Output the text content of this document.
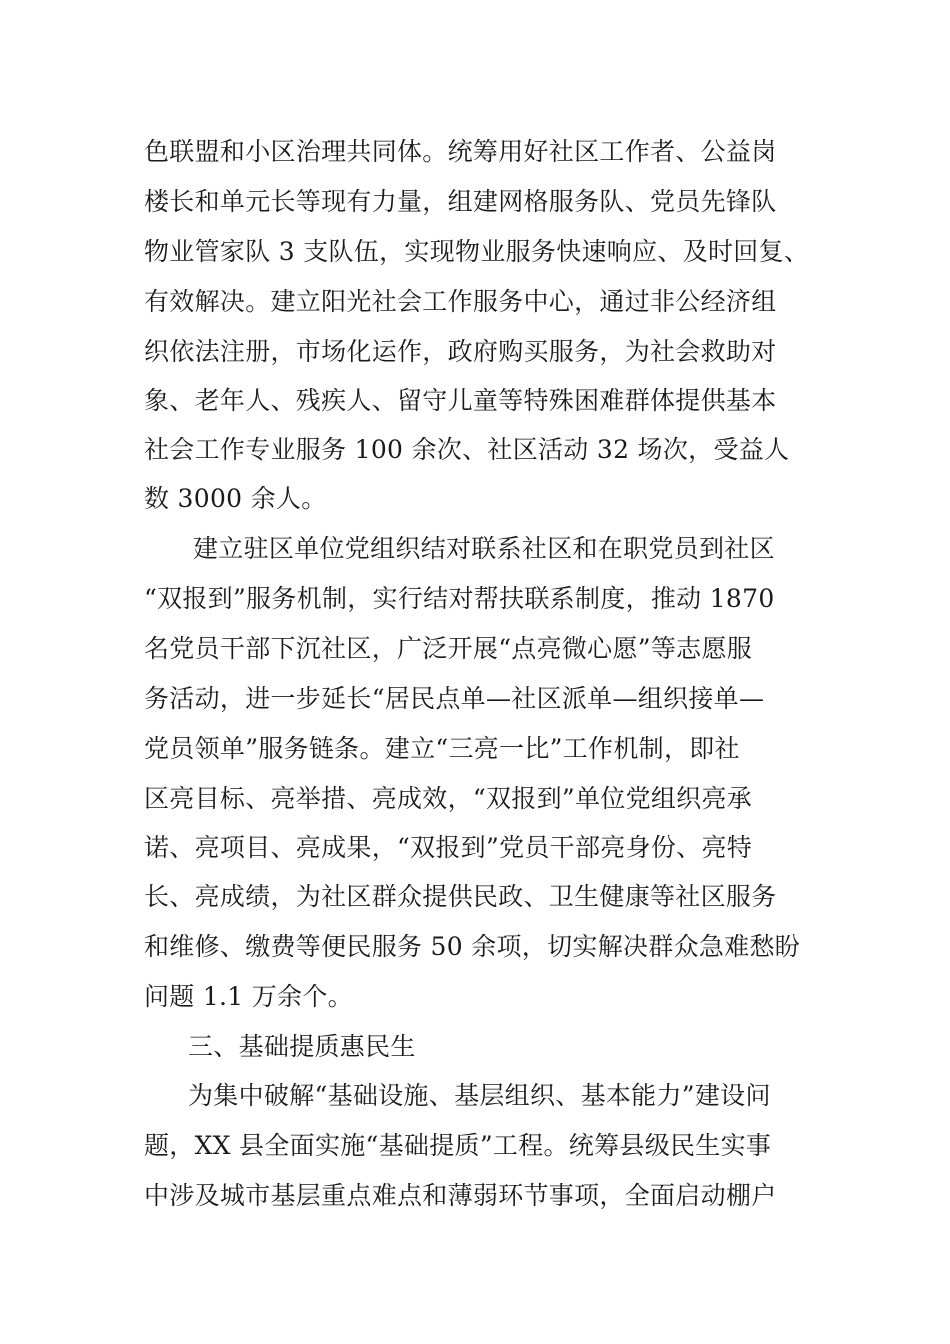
色联盟和小区治理共同体。统筹用好社区工作者、公益岗
楼长和单元长等现有力量，组建网格服务队、党员先锋队
物业管家队 3 支队伍，实现物业服务快速响应、及时回复、
有效解决。建立阳光社会工作服务中心，通过非公经济组
织依法注册，市场化运作，政府购买服务，为社会救助对
象、老年人、残疾人、留守儿童等特殊困难群体提供基本
社会工作专业服务 100 余次、社区活动 32 场次，受益人
数 3000 余人。
建立驻区单位党组织结对联系社区和在职党员到社区
“双报到”服务机制，实行结对帮扶联系制度，推动 1870
名党员干部下沉社区，广泛开展“点亮微心愿”等志愿服
务活动，进一步延长“居民点单—社区派单—组织接单—
党员领单”服务链条。建立“三亮一比”工作机制，即社
区亮目标、亮举措、亮成效，“双报到”单位党组织亮承
诺、亮项目、亮成果，“双报到”党员干部亮身份、亮特
长、亮成绩，为社区群众提供民政、卫生健康等社区服务
和维修、缴费等便民服务 50 余项，切实解决群众急难愁盼
问题 1.1 万余个。
三、基础提质惠民生
为集中破解“基础设施、基层组织、基本能力”建设问
题，XX 县全面实施“基础提质”工程。统筹县级民生实事
中涉及城市基层重点难点和薄弱环节事项，全面启动棚户
